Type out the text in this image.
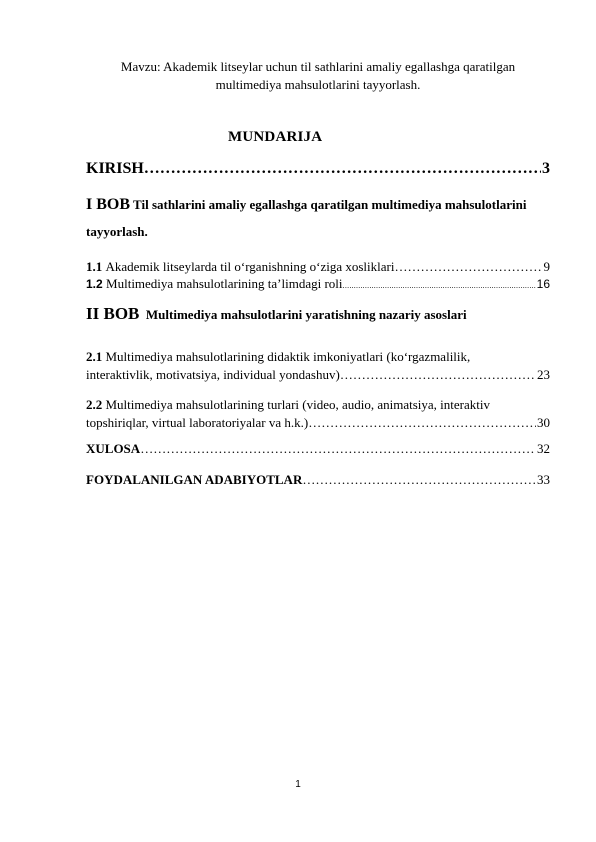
Mavzu: Akademik litseylar uchun til sathlarini amaliy egallashga qaratilgan
multimediya mahsulotlarini tayyorlash.
MUNDARIJA
KIRISH …………………………………………………………………………………………………………………………………………………………………………………………	3
I BOB Til sathlarini amaliy egallashga qaratilgan multimediya mahsulotlarini tayyorlash.
1.1
Akademik litseylarda til o‘rganishning o‘ziga xosliklari …………………………………………………………………………………………………………………………………………………………………………………………	9
1.2
Multimediya mahsulotlarining ta’limdagi roli .....	16
II BOB Multimediya mahsulotlarini yaratishning nazariy asoslari
2.1 Multimediya mahsulotlarining didaktik imkoniyatlari (ko‘rgazmalilik,
interaktivlik, motivatsiya, individual yondashuv) …………………………………………………………………………………………………………………………………………………………………………………………	23
2.2 Multimediya mahsulotlarining turlari (video, audio, animatsiya, interaktiv
topshiriqlar, virtual laboratoriyalar va h.k.) …………………………………………………………………………………………………………………………………………………………………………………………	30
XULOSA …………………………………………………………………………………………………………………………………………………………………………………………	32
FOYDALANILGAN ADABIYOTLAR …………………………………………………………………………………………………………………………………………………………………………………………	33
1
